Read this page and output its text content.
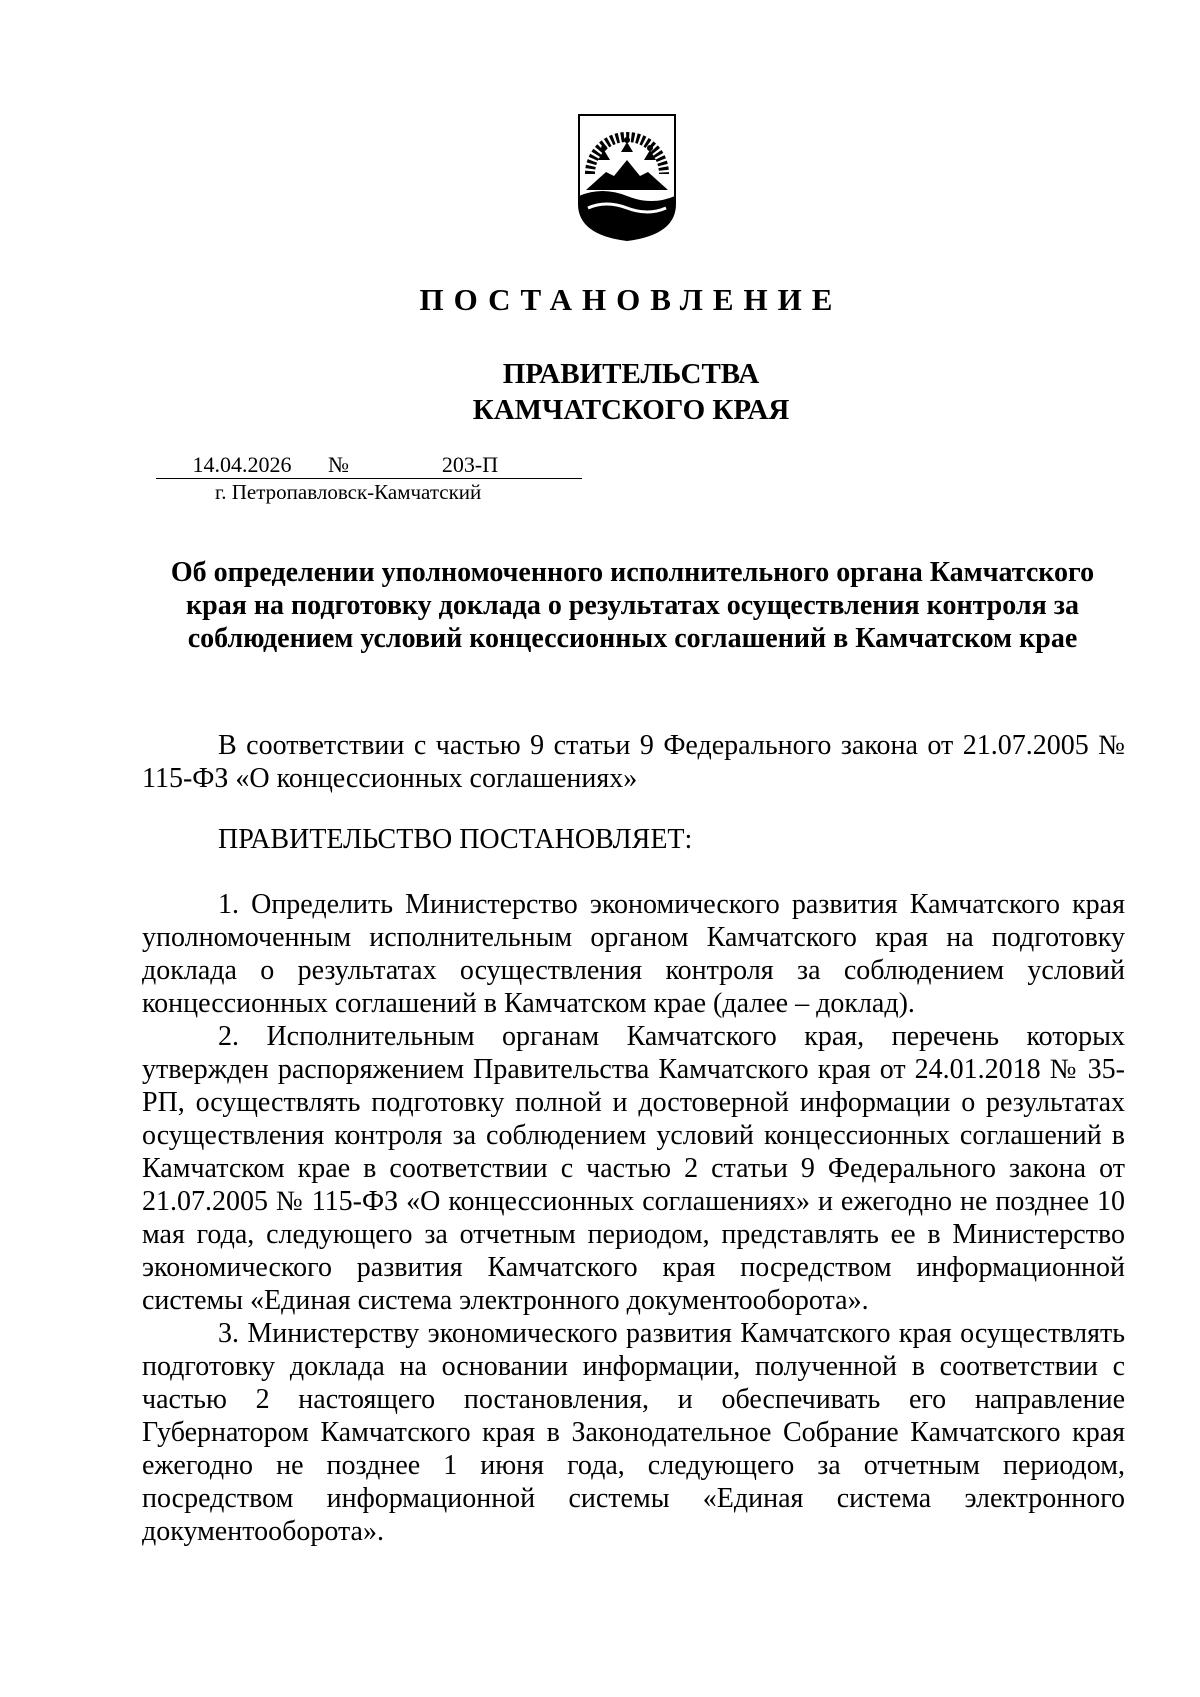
ПОСТАНОВЛЕНИЕ
ПРАВИТЕЛЬСТВА
КАМЧАТСКОГО КРАЯ
14.04.2026	№	203-П
г. Петропавловск-Камчатский
Об определении уполномоченного исполнительного органа Камчатского края на подготовку доклада о результатах осуществления контроля за соблюдением условий концессионных соглашений в Камчатском крае

В соответствии с частью 9 статьи 9 Федерального закона от 21.07.2005 № 115-ФЗ «О концессионных соглашениях»

ПРАВИТЕЛЬСТВО ПОСТАНОВЛЯЕТ:

1. Определить Министерство экономического развития Камчатского края уполномоченным исполнительным органом Камчатского края на подготовку доклада о результатах осуществления контроля за соблюдением условий концессионных соглашений в Камчатском крае (далее – доклад).

2. Исполнительным органам Камчатского края, перечень которых утвержден распоряжением Правительства Камчатского края от 24.01.2018 № 35-РП, осуществлять подготовку полной и достоверной информации о результатах осуществления контроля за соблюдением условий концессионных соглашений в Камчатском крае в соответствии с частью 2 статьи 9 Федерального закона от 21.07.2005 № 115-ФЗ «О концессионных соглашениях» и ежегодно не позднее 10 мая года, следующего за отчетным периодом, представлять ее в Министерство экономического развития Камчатского края посредством информационной системы «Единая система электронного документооборота».

3. Министерству экономического развития Камчатского края осуществлять подготовку доклада на основании информации, полученной в соответствии с частью 2 настоящего постановления, и обеспечивать его направление Губернатором Камчатского края в Законодательное Собрание Камчатского края ежегодно не позднее 1 июня года, следующего за отчетным периодом, посредством информационной системы «Единая система электронного документооборота».
